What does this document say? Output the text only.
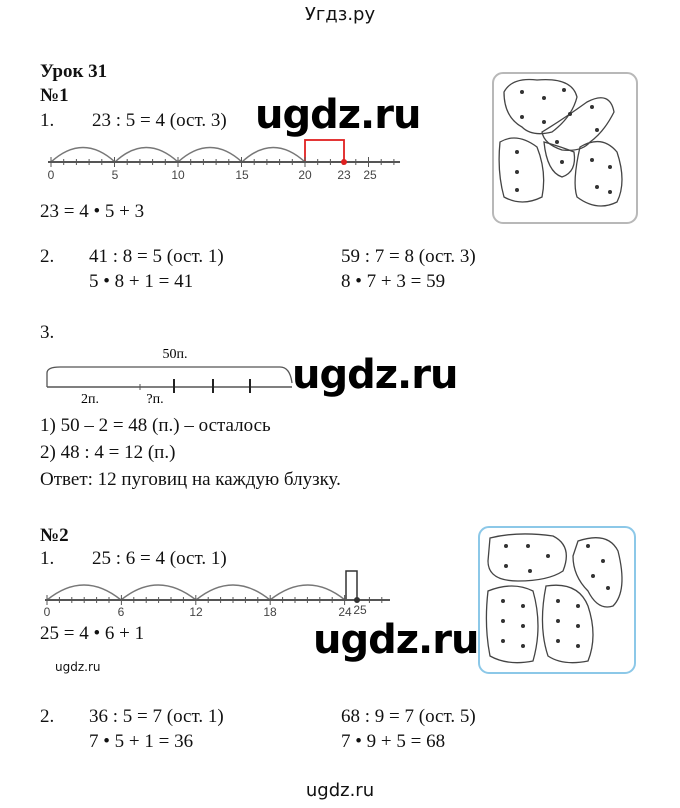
Угдз.ру
Урок 31
№1
1. 23 : 5 = 4 (ост. 3)
0	5	10	15	20 23 25
23 = 4 • 5 + 3
2. 41 : 8 = 5 (ост. 1)
5 • 8 + 1 = 41
59 : 7 = 8 (ост. 3)
8 • 7 + 3 = 59
3.
50п.
2п.	?п.
1) 50 – 2 = 48 (п.) – осталось
2) 48 : 4 = 12 (п.)
Ответ: 12 пуговиц на каждую блузку.
№2
1. 25 : 6 = 4 (ост. 1)
0	6	12	18	24 25
25 = 4 • 6 + 1
ugdz.ru
2. 36 : 5 = 7 (ост. 1)
7 • 5 + 1 = 36
68 : 9 = 7 (ост. 5)
7 • 9 + 5 = 68
ugdz.ru
ugdz.ru
ugdz.ru
ugdz.ru
